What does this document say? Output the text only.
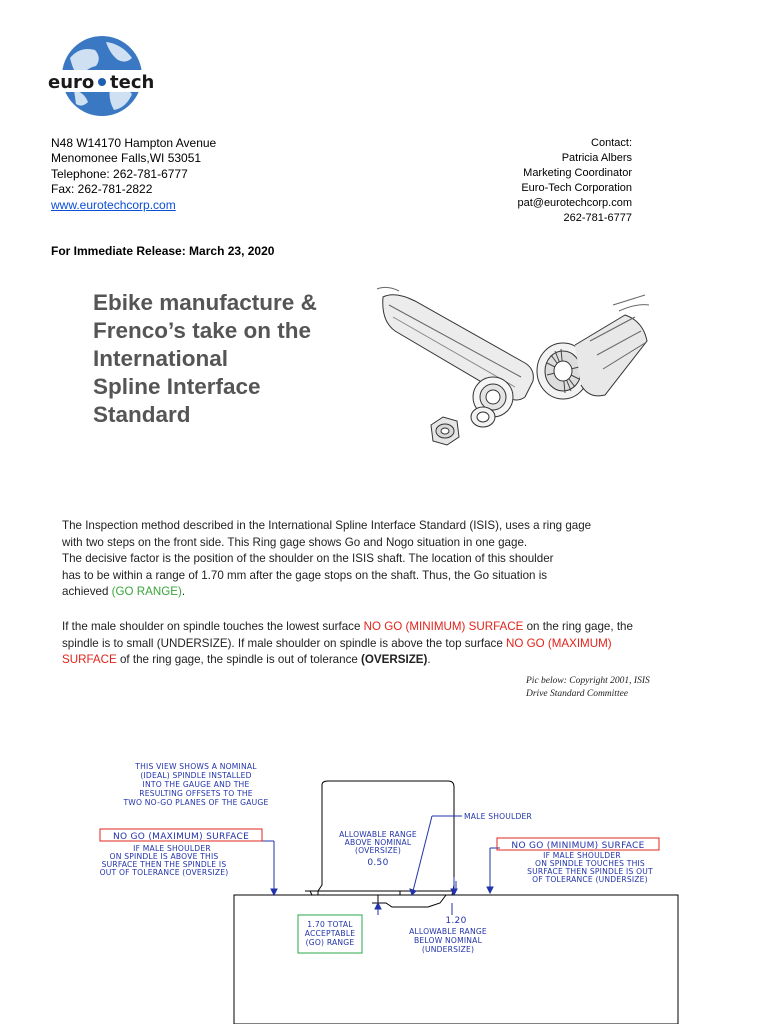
euro tech
N48 W14170 Hampton Avenue
Menomonee Falls,WI 53051
Telephone: 262-781-6777
Fax: 262-781-2822
www.eurotechcorp.com
Contact:
Patricia Albers
Marketing Coordinator
Euro-Tech Corporation
pat@eurotechcorp.com
262-781-6777
For Immediate Release: March 23, 2020
Ebike manufacture &
Frenco’s take on the
International
Spline Interface
Standard
The Inspection method described in the International Spline Interface Standard (ISIS), uses a ring gage
with two steps on the front side. This Ring gage shows Go and Nogo situation in one gage.
The decisive factor is the position of the shoulder on the ISIS shaft. The location of this shoulder
has to be within a range of 1.70 mm after the gage stops on the shaft. Thus, the Go situation is
achieved (GO RANGE).
If the male shoulder on spindle touches the lowest surface NO GO (MINIMUM) SURFACE on the ring gage, the
spindle is to small (UNDERSIZE). If male shoulder on spindle is above the top surface NO GO (MAXIMUM)
SURFACE of the ring gage, the spindle is out of tolerance (OVERSIZE).
Pic below: Copyright 2001, ISIS
Drive Standard Committee
THIS VIEW SHOWS A NOMINAL
(IDEAL) SPINDLE INSTALLED
INTO THE GAUGE AND THE
RESULTING OFFSETS TO THE
TWO NO-GO PLANES OF THE GAUGE
NO GO (MAXIMUM) SURFACE
IF MALE SHOULDER
ON SPINDLE IS ABOVE THIS
SURFACE THEN THE SPINDLE IS
OUT OF TOLERANCE (OVERSIZE)
NO GO (MINIMUM) SURFACE
IF MALE SHOULDER
ON SPINDLE TOUCHES THIS
SURFACE THEN SPINDLE IS OUT
OF TOLERANCE (UNDERSIZE)
MALE SHOULDER
ALLOWABLE RANGE
ABOVE NOMINAL
(OVERSIZE)
0.50
1.70 TOTAL
ACCEPTABLE
(GO) RANGE
1.20
ALLOWABLE RANGE
BELOW NOMINAL
(UNDERSIZE)
